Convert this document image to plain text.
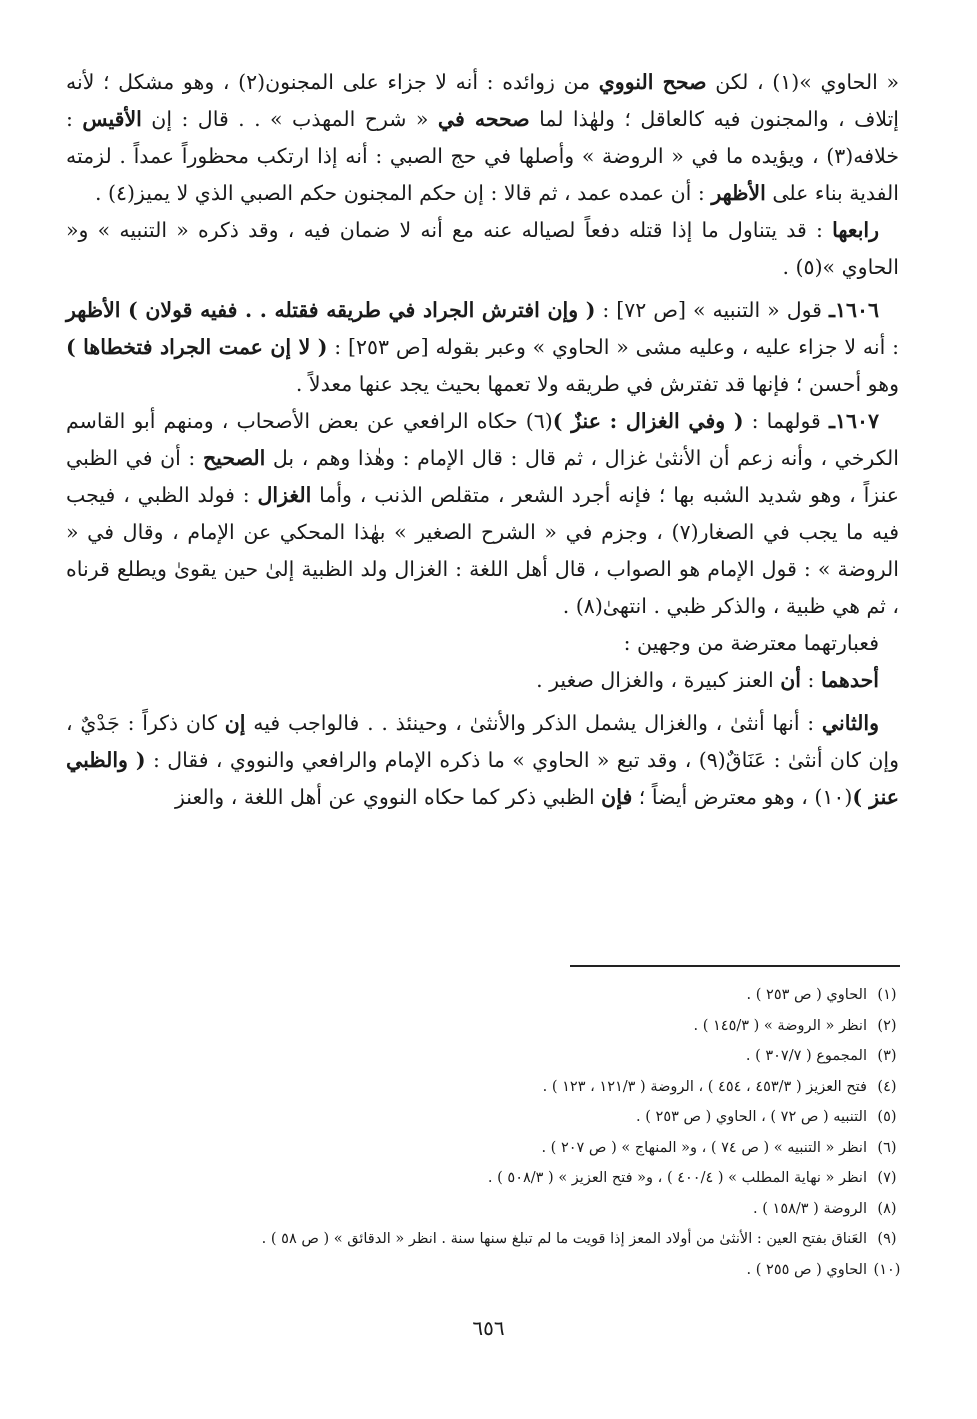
« الحاوي »(١) ، لكن صحح النووي من زوائده : أنه لا جزاء على المجنون(٢) ، وهو مشكل ؛ لأنه إتلاف ، والمجنون فيه كالعاقل ؛ ولهٰذا لما صححه في « شرح المهذب » . . قال : إن الأقيس : خلافه(٣) ، ويؤيده ما في « الروضة » وأصلها في حج الصبي : أنه إذا ارتكب محظوراً عمداً . لزمته الفدية بناء على الأظهر : أن عمده عمد ، ثم قالا : إن حكم المجنون حكم الصبي الذي لا يميز(٤) .

رابعها : قد يتناول ما إذا قتله دفعاً لصياله عنه مع أنه لا ضمان فيه ، وقد ذكره « التنبيه » و« الحاوي »(٥) .

١٦٠٦ـ قول « التنبيه » [ص ٧٢] : ( وإن افترش الجراد في طريقه فقتله . . ففيه قولان ) الأظهر : أنه لا جزاء عليه ، وعليه مشى « الحاوي » وعبر بقوله [ص ٢٥٣] : ( لا إن عمت الجراد فتخطاها ) وهو أحسن ؛ فإنها قد تفترش في طريقه ولا تعمها بحيث يجد عنها معدلاً .

١٦٠٧ـ قولهما : ( وفي الغزال : عنزٌ )(٦) حكاه الرافعي عن بعض الأصحاب ، ومنهم أبو القاسم الكرخي ، وأنه زعم أن الأنثىٰ غزال ، ثم قال : قال الإمام : وهٰذا وهم ، بل الصحيح : أن في الظبي عنزاً ، وهو شديد الشبه بها ؛ فإنه أجرد الشعر ، متقلص الذنب ، وأما الغزال : فولد الظبي ، فيجب فيه ما يجب في الصغار(٧) ، وجزم في « الشرح الصغير » بهٰذا المحكي عن الإمام ، وقال في « الروضة » : قول الإمام هو الصواب ، قال أهل اللغة : الغزال ولد الظبية إلىٰ حين يقوىٰ ويطلع قرناه ، ثم هي ظبية ، والذكر ظبي . انتهىٰ(٨) .

فعبارتهما معترضة من وجهين :

أحدهما : أن العنز كبيرة ، والغزال صغير .

والثاني : أنها أنثىٰ ، والغزال يشمل الذكر والأنثىٰ ، وحينئذ . . فالواجب فيه إن كان ذكراً : جَدْيٌ ، وإن كان أنثىٰ : عَنَاقٌ(٩) ، وقد تبع « الحاوي » ما ذكره الإمام والرافعي والنووي ، فقال : ( والظبي عنز )(١٠) ، وهو معترض أيضاً ؛ فإن الظبي ذكر كما حكاه النووي عن أهل اللغة ، والعنز

(١)
الحاوي ( ص ٢٥٣ ) .
(٢)
انظر « الروضة » ( ١٤٥/٣ ) .
(٣)
المجموع ( ٣٠٧/٧ ) .
(٤)
فتح العزيز ( ٤٥٣/٣ ، ٤٥٤ ) ، الروضة ( ١٢١/٣ ، ١٢٣ ) .
(٥)
التنبيه ( ص ٧٢ ) ، الحاوي ( ص ٢٥٣ ) .
(٦)
انظر « التنبيه » ( ص ٧٤ ) ، و« المنهاج » ( ص ٢٠٧ ) .
(٧)
انظر « نهاية المطلب » ( ٤٠٠/٤ ) ، و« فتح العزيز » ( ٥٠٨/٣ ) .
(٨)
الروضة ( ١٥٨/٣ ) .
(٩)
العَناق بفتح العين : الأنثىٰ من أولاد المعز إذا قويت ما لم تبلغ سنها سنة . انظر « الدقائق » ( ص ٥٨ ) .
(١٠)
الحاوي ( ص ٢٥٥ ) .
٦٥٦
